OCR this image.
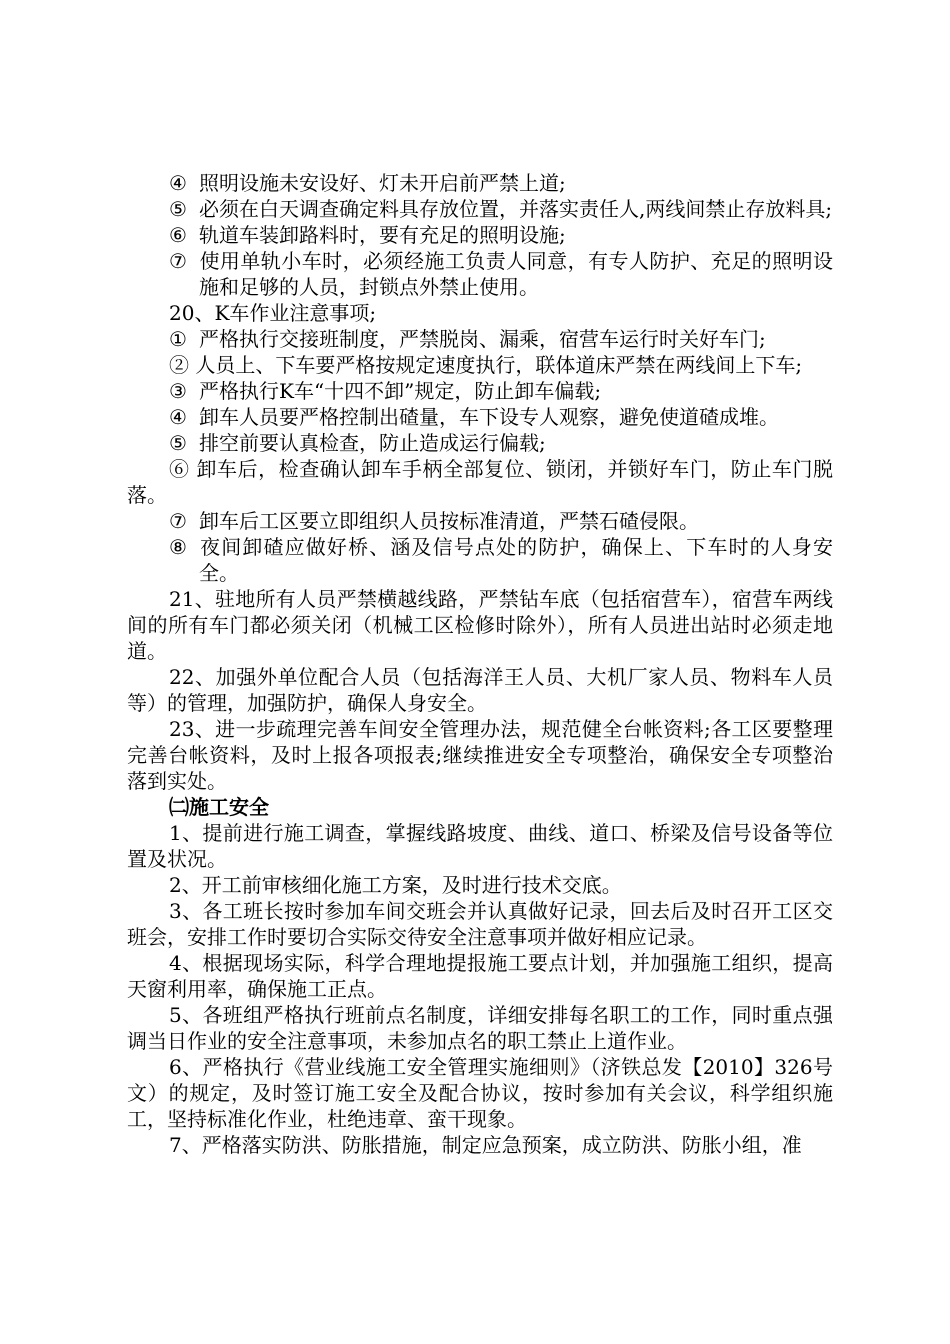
④ 照明设施未安设好、灯未开启前严禁上道;

⑤ 必须在白天调查确定料具存放位置，并落实责任人,两线间禁止存放料具;

⑥ 轨道车装卸路料时，要有充足的照明设施;

⑦ 使用单轨小车时，必须经施工负责人同意，有专人防护、充足的照明设施和足够的人员，封锁点外禁止使用。

20、K车作业注意事项;

① 严格执行交接班制度，严禁脱岗、漏乘，宿营车运行时关好车门;

② 人员上、下车要严格按规定速度执行，联体道床严禁在两线间上下车;

③ 严格执行K车“十四不卸”规定，防止卸车偏载;

④ 卸车人员要严格控制出碴量，车下设专人观察，避免使道碴成堆。

⑤ 排空前要认真检查，防止造成运行偏载;

⑥ 卸车后，检查确认卸车手柄全部复位、锁闭，并锁好车门，防止车门脱落。

⑦ 卸车后工区要立即组织人员按标准清道，严禁石碴侵限。

⑧ 夜间卸碴应做好桥、涵及信号点处的防护，确保上、下车时的人身安全。

21、驻地所有人员严禁横越线路，严禁钻车底（包括宿营车），宿营车两线间的所有车门都必须关闭（机械工区检修时除外），所有人员进出站时必须走地道。

22、加强外单位配合人员（包括海洋王人员、大机厂家人员、物料车人员等）的管理，加强防护，确保人身安全。

23、进一步疏理完善车间安全管理办法，规范健全台帐资料;各工区要整理完善台帐资料，及时上报各项报表;继续推进安全专项整治，确保安全专项整治落到实处。

㈡施工安全

1、提前进行施工调查，掌握线路坡度、曲线、道口、桥梁及信号设备等位置及状况。

2、开工前审核细化施工方案，及时进行技术交底。

3、各工班长按时参加车间交班会并认真做好记录，回去后及时召开工区交班会，安排工作时要切合实际交待安全注意事项并做好相应记录。

4、根据现场实际，科学合理地提报施工要点计划，并加强施工组织，提高天窗利用率，确保施工正点。

5、各班组严格执行班前点名制度，详细安排每名职工的工作，同时重点强调当日作业的安全注意事项，未参加点名的职工禁止上道作业。

6、严格执行《营业线施工安全管理实施细则》（济铁总发【2010】326号文）的规定，及时签订施工安全及配合协议，按时参加有关会议，科学组织施工，坚持标准化作业，杜绝违章、蛮干现象。

7、严格落实防洪、防胀措施，制定应急预案，成立防洪、防胀小组，准
